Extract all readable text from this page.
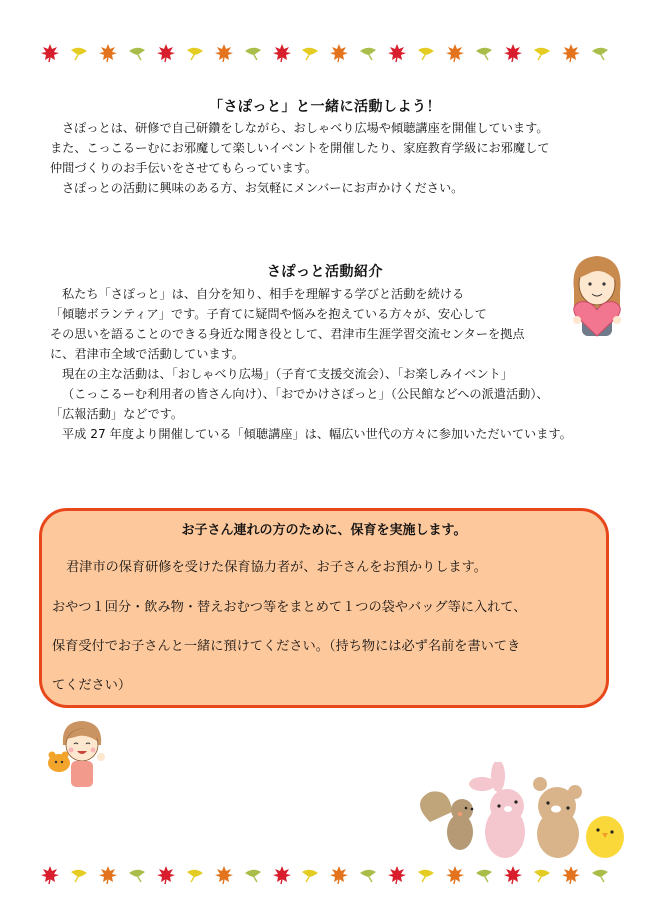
「さぽっと」と一緒に活動しよう！
さぽっとは、研修で自己研鑽をしながら、おしゃべり広場や傾聴講座を開催しています。
また、こっこるーむにお邪魔して楽しいイベントを開催したり、家庭教育学級にお邪魔して
仲間づくりのお手伝いをさせてもらっています。
さぽっとの活動に興味のある方、お気軽にメンバーにお声かけください。
さぽっと活動紹介
私たち「さぽっと」は、自分を知り、相手を理解する学びと活動を続ける
「傾聴ボランティア」です。子育てに疑問や悩みを抱えている方々が、安心して
その思いを語ることのできる身近な聞き役として、君津市生涯学習交流センターを拠点
に、君津市全域で活動しています。
現在の主な活動は、「おしゃべり広場」（子育て支援交流会）、「お楽しみイベント」
（こっこるーむ利用者の皆さん向け）、「おでかけさぽっと」（公民館などへの派遣活動）、
「広報活動」などです。
平成 27 年度より開催している「傾聴講座」は、幅広い世代の方々に参加いただいています。
お子さん連れの方のために、保育を実施します。
君津市の保育研修を受けた保育協力者が、お子さんをお預かりします。
おやつ１回分・飲み物・替えおむつ等をまとめて１つの袋やバッグ等に入れて、
保育受付でお子さんと一緒に預けてください。（持ち物には必ず名前を書いてき
てください）
